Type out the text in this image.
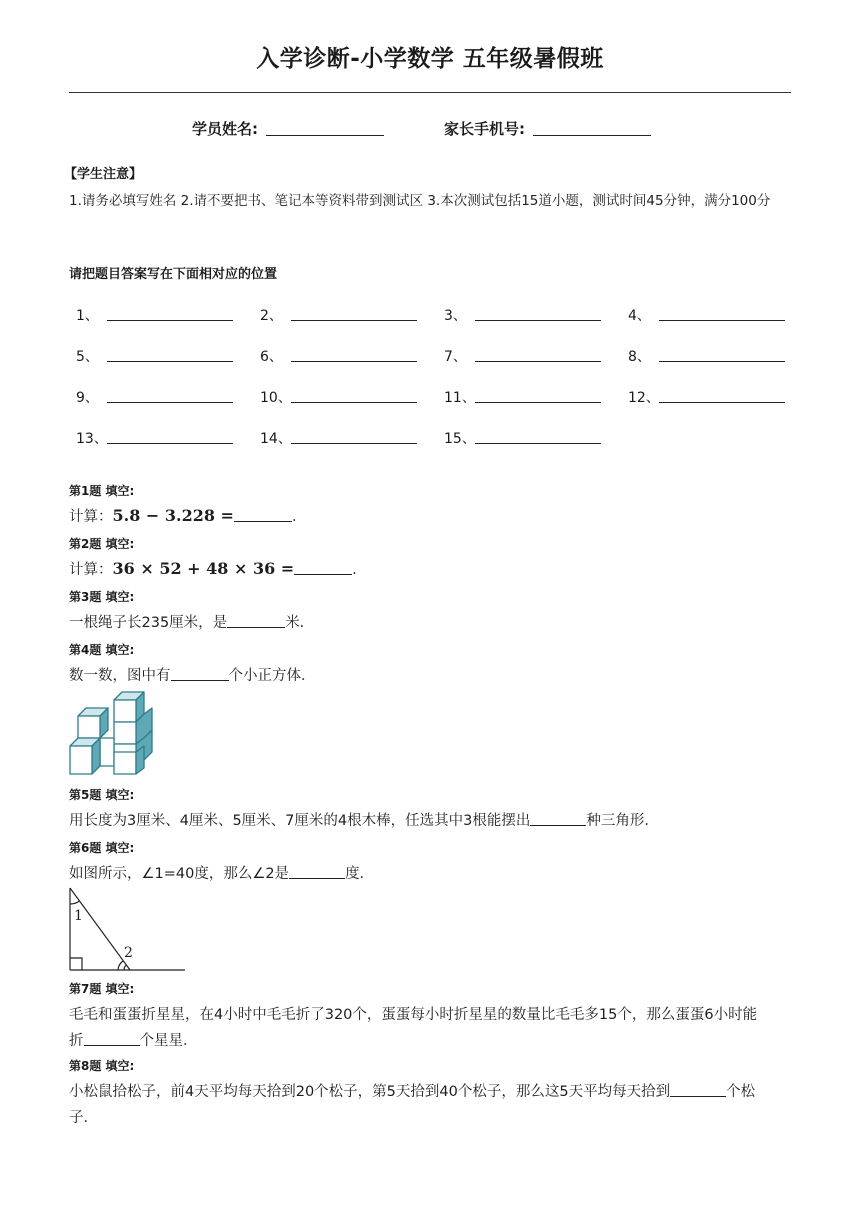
入学诊断-小学数学 五年级暑假班
学员姓名:	家长手机号:
【学生注意】
1.请务必填写姓名 2.请不要把书、笔记本等资料带到测试区 3.本次测试包括15道小题，测试时间45分钟，满分100分
请把题目答案写在下面相对应的位置
1、	2、	3、	4、
5、	6、	7、	8、
9、	10、	11、	12、
13、	14、	15、
第1题 填空:
计算：5.8 − 3.228 =	．
第2题 填空:
计算：36 × 52 + 48 × 36 =	．
第3题 填空:
一根绳子长235厘米，是	米．
第4题 填空:
数一数，图中有	个小正方体．
第5题 填空:
用长度为3厘米、4厘米、5厘米、7厘米的4根木棒，任选其中3根能摆出	种三角形．
第6题 填空:
如图所示，∠1=40度，那么∠2是	度．
1
2
第7题 填空:
毛毛和蛋蛋折星星，在4小时中毛毛折了320个，蛋蛋每小时折星星的数量比毛毛多15个，那么蛋蛋6小时能
折	个星星．
第8题 填空:
小松鼠拾松子，前4天平均每天拾到20个松子，第5天拾到40个松子，那么这5天平均每天拾到	个松
子．
